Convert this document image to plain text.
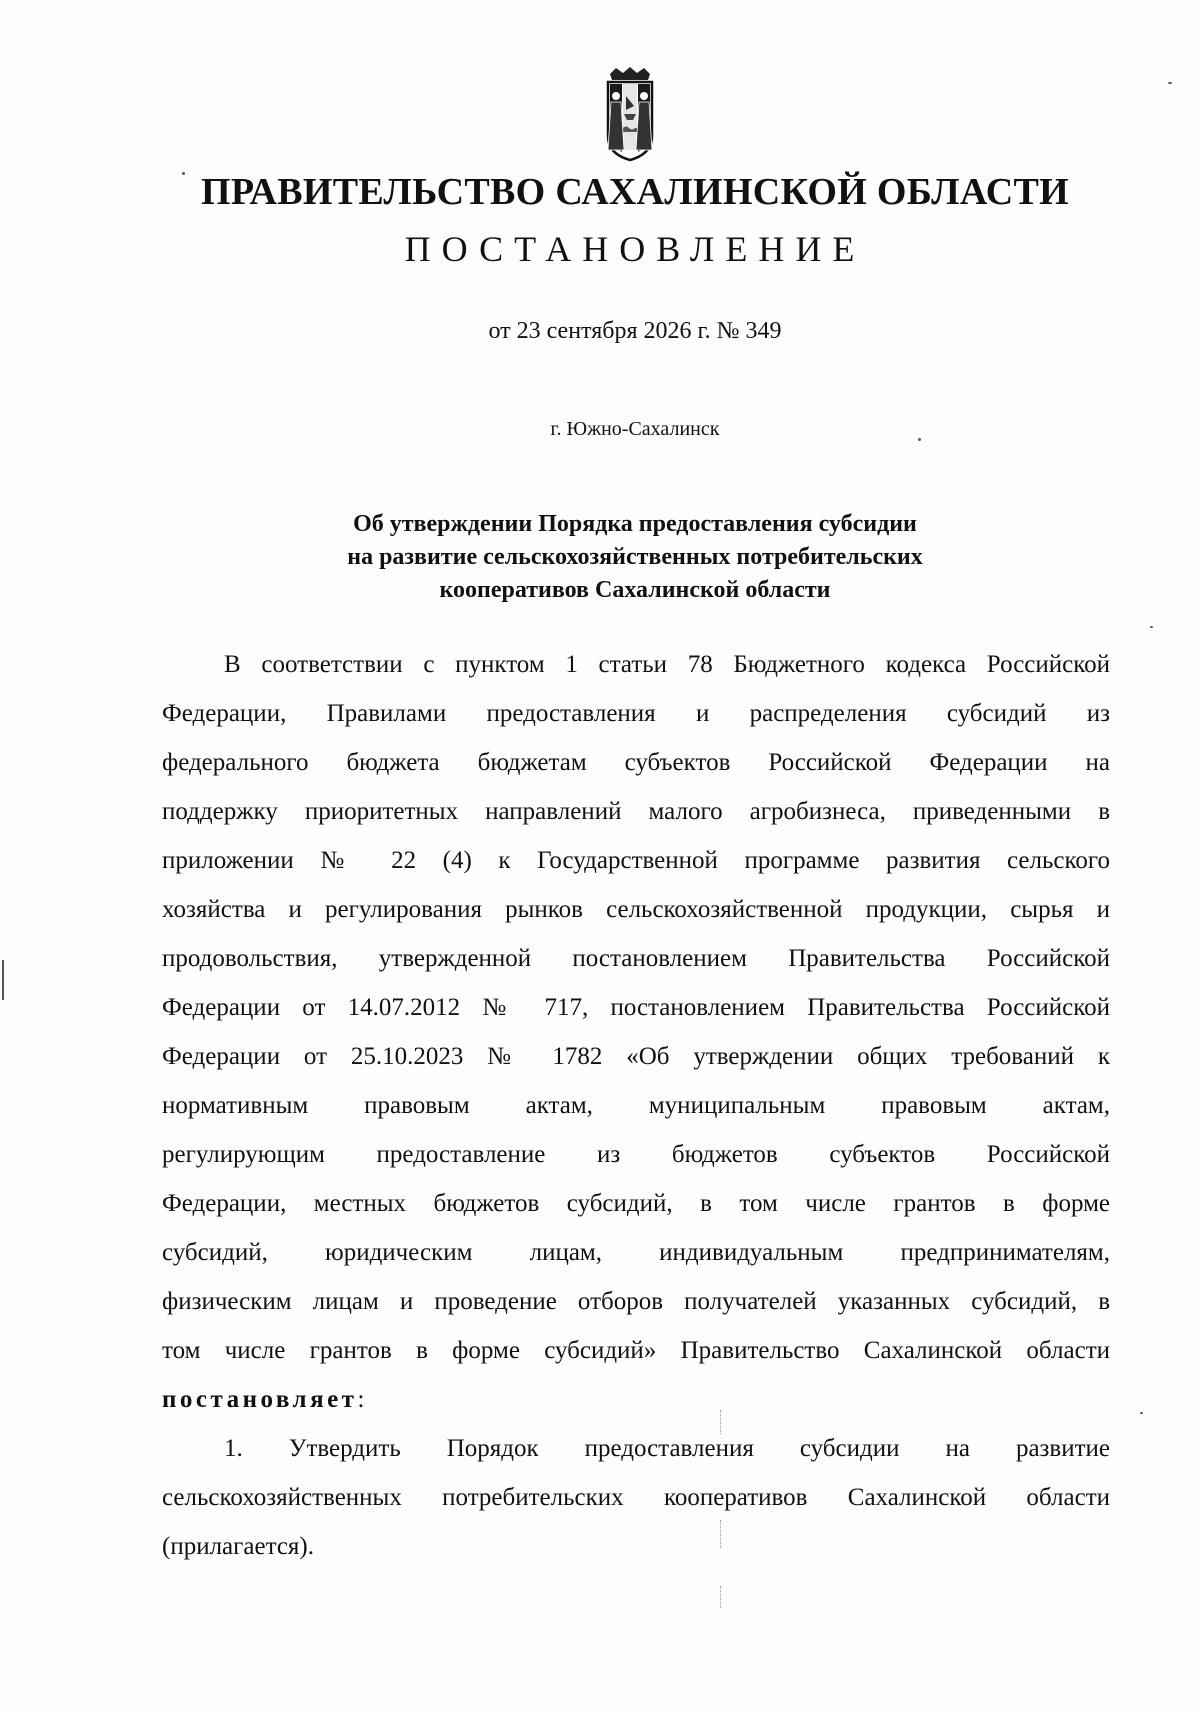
ПРАВИТЕЛЬСТВО САХАЛИНСКОЙ ОБЛАСТИ
ПОСТАНОВЛЕНИЕ
от 23 сентября 2026 г. № 349
г. Южно-Сахалинск
Об утверждении Порядка предоставления субсидии
на развитие сельскохозяйственных потребительских
кооперативов Сахалинской области
В соответствии с пунктом 1 статьи 78 Бюджетного кодекса Российской
Федерации, Правилами предоставления и распределения субсидий из
федерального бюджета бюджетам субъектов Российской Федерации на
поддержку приоритетных направлений малого агробизнеса, приведенными в
приложении № 22 (4) к Государственной программе развития сельского
хозяйства и регулирования рынков сельскохозяйственной продукции, сырья и
продовольствия, утвержденной постановлением Правительства Российской
Федерации от 14.07.2012 № 717, постановлением Правительства Российской
Федерации от 25.10.2023 № 1782 «Об утверждении общих требований к
нормативным правовым актам, муниципальным правовым актам,
регулирующим предоставление из бюджетов субъектов Российской
Федерации, местных бюджетов субсидий, в том числе грантов в форме
субсидий, юридическим лицам, индивидуальным предпринимателям,
физическим лицам и проведение отборов получателей указанных субсидий, в
том числе грантов в форме субсидий» Правительство Сахалинской области
постановляет:
1. Утвердить Порядок предоставления субсидии на развитие
сельскохозяйственных потребительских кооперативов Сахалинской области
(прилагается).
